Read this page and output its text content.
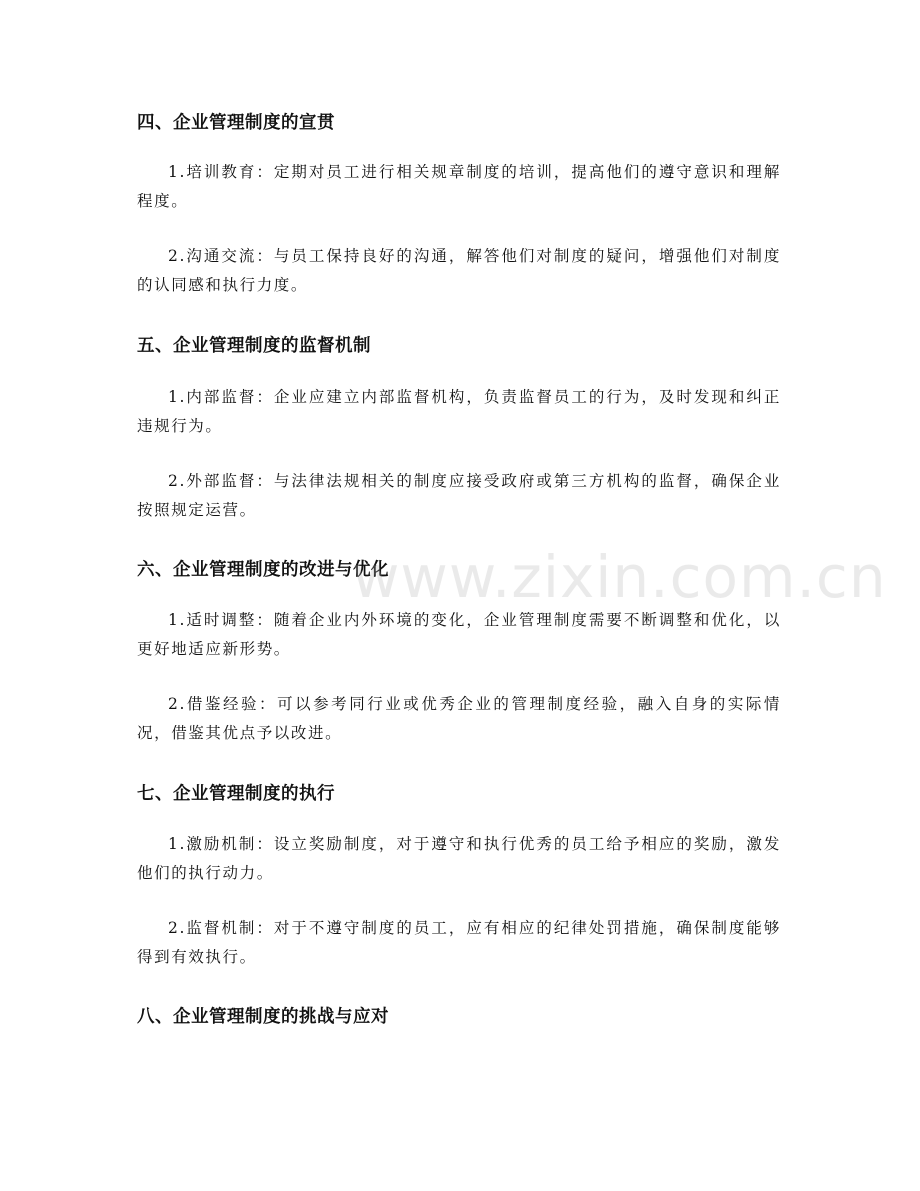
四、企业管理制度的宣贯
1.培训教育：定期对员工进行相关规章制度的培训，提高他们的遵守意识和理解程度。
2.沟通交流：与员工保持良好的沟通，解答他们对制度的疑问，增强他们对制度的认同感和执行力度。
五、企业管理制度的监督机制
1.内部监督：企业应建立内部监督机构，负责监督员工的行为，及时发现和纠正违规行为。
2.外部监督：与法律法规相关的制度应接受政府或第三方机构的监督，确保企业按照规定运营。
六、企业管理制度的改进与优化
1.适时调整：随着企业内外环境的变化，企业管理制度需要不断调整和优化，以更好地适应新形势。
2.借鉴经验：可以参考同行业或优秀企业的管理制度经验，融入自身的实际情况，借鉴其优点予以改进。
七、企业管理制度的执行
1.激励机制：设立奖励制度，对于遵守和执行优秀的员工给予相应的奖励，激发他们的执行动力。
2.监督机制：对于不遵守制度的员工，应有相应的纪律处罚措施，确保制度能够得到有效执行。
八、企业管理制度的挑战与应对
www.zixin.com.cn
